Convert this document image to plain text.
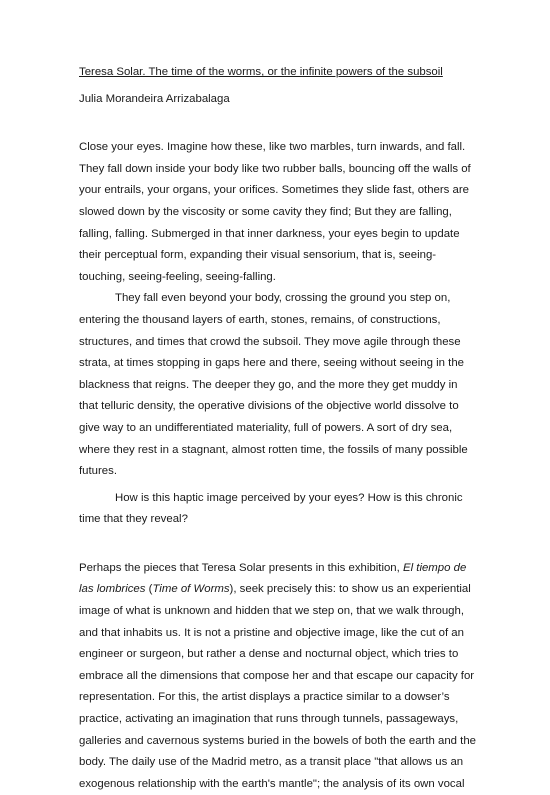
Teresa Solar. The time of the worms, or the infinite powers of the subsoil

Julia Morandeira Arrizabalaga

Close your eyes. Imagine how these, like two marbles, turn inwards, and fall. They fall down inside your body like two rubber balls, bouncing off the walls of your entrails, your organs, your orifices. Sometimes they slide fast, others are slowed down by the viscosity or some cavity they find; But they are falling, falling, falling. Submerged in that inner darkness, your eyes begin to update their perceptual form, expanding their visual sensorium, that is, seeing-touching, seeing-feeling, seeing-falling.

They fall even beyond your body, crossing the ground you step on, entering the thousand layers of earth, stones, remains, of constructions, structures, and times that crowd the subsoil. They move agile through these strata, at times stopping in gaps here and there, seeing without seeing in the blackness that reigns. The deeper they go, and the more they get muddy in that telluric density, the operative divisions of the objective world dissolve to give way to an undifferentiated materiality, full of powers. A sort of dry sea, where they rest in a stagnant, almost rotten time, the fossils of many possible futures.

How is this haptic image perceived by your eyes? How is this chronic time that they reveal?

Perhaps the pieces that Teresa Solar presents in this exhibition, El tiempo de las lombrices (Time of Worms), seek precisely this: to show us an experiential image of what is unknown and hidden that we step on, that we walk through, and that inhabits us. It is not a pristine and objective image, like the cut of an engineer or surgeon, but rather a dense and nocturnal object, which tries to embrace all the dimensions that compose her and that escape our capacity for representation. For this, the artist displays a practice similar to a dowser’s practice, activating an imagination that runs through tunnels, passageways, galleries and cavernous systems buried in the bowels of both the earth and the body. The daily use of the Madrid metro, as a transit place "that allows us an exogenous relationship with the earth's mantle"; the analysis of its own vocal
